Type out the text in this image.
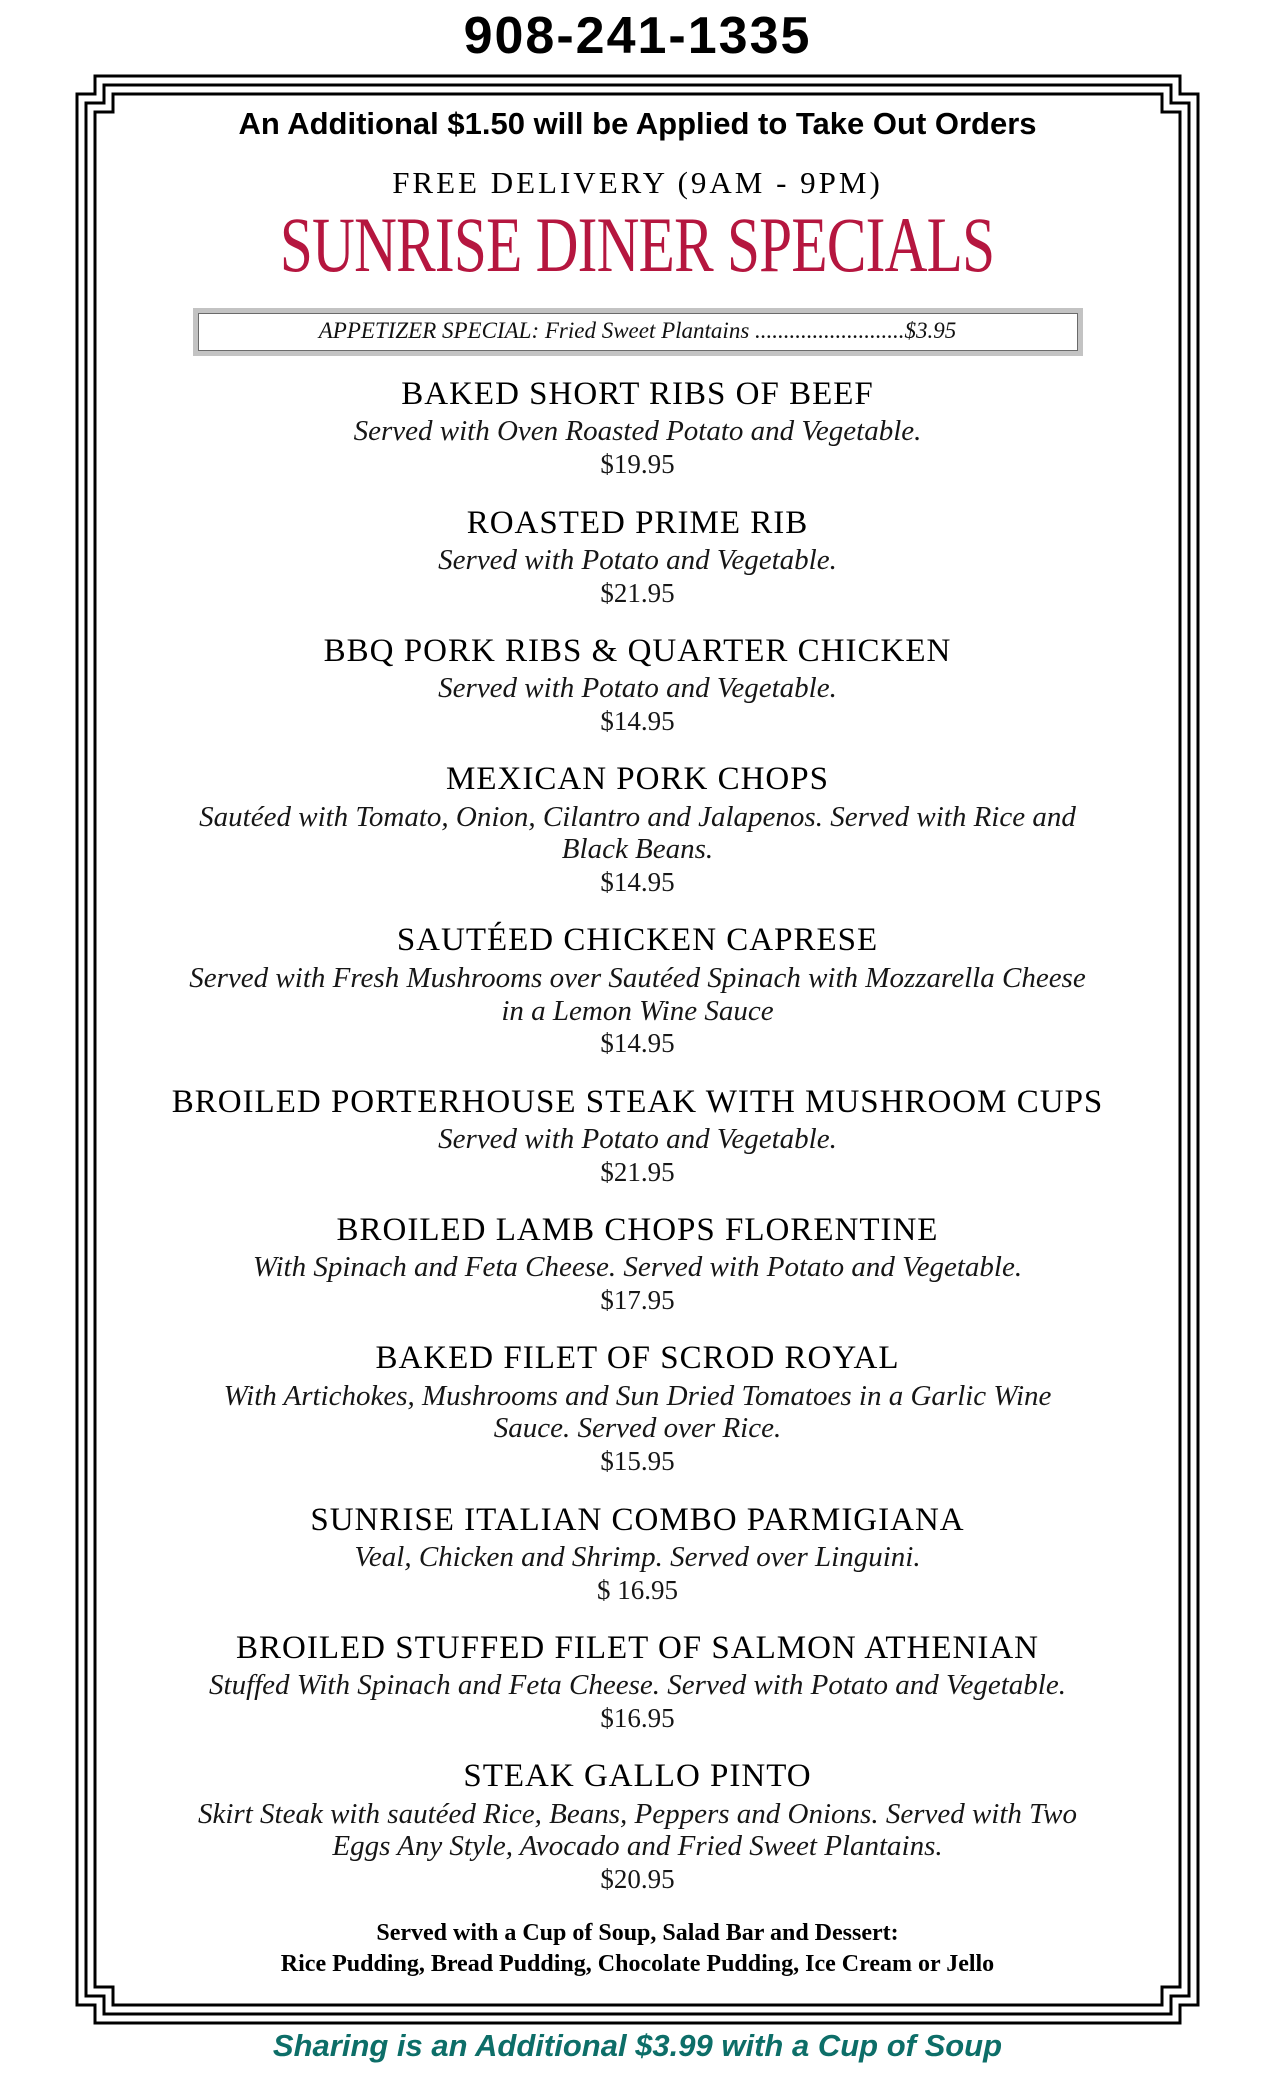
908-241-1335
An Additional $1.50 will be Applied to Take Out Orders
FREE DELIVERY (9AM - 9PM)
SUNRISE DINER SPECIALS
APPETIZER SPECIAL: Fried Sweet Plantains ..........................$3.95
BAKED SHORT RIBS OF BEEF
Served with Oven Roasted Potato and Vegetable.
$19.95
ROASTED PRIME RIB
Served with Potato and Vegetable.
$21.95
BBQ PORK RIBS & QUARTER CHICKEN
Served with Potato and Vegetable.
$14.95
MEXICAN PORK CHOPS
Sautéed with Tomato, Onion, Cilantro and Jalapenos. Served with Rice and Black Beans.
$14.95
SAUTÉED CHICKEN CAPRESE
Served with Fresh Mushrooms over Sautéed Spinach with Mozzarella Cheese in a Lemon Wine Sauce
$14.95
BROILED PORTERHOUSE STEAK WITH MUSHROOM CUPS
Served with Potato and Vegetable.
$21.95
BROILED LAMB CHOPS FLORENTINE
With Spinach and Feta Cheese. Served with Potato and Vegetable.
$17.95
BAKED FILET OF SCROD ROYAL
With Artichokes, Mushrooms and Sun Dried Tomatoes in a Garlic Wine Sauce. Served over Rice.
$15.95
SUNRISE ITALIAN COMBO PARMIGIANA
Veal, Chicken and Shrimp. Served over Linguini.
$ 16.95
BROILED STUFFED FILET OF SALMON ATHENIAN
Stuffed With Spinach and Feta Cheese. Served with Potato and Vegetable.
$16.95
STEAK GALLO PINTO
Skirt Steak with sautéed Rice, Beans, Peppers and Onions. Served with Two Eggs Any Style, Avocado and Fried Sweet Plantains.
$20.95
Served with a Cup of Soup, Salad Bar and Dessert:
Rice Pudding, Bread Pudding, Chocolate Pudding, Ice Cream or Jello
Sharing is an Additional $3.99 with a Cup of Soup
